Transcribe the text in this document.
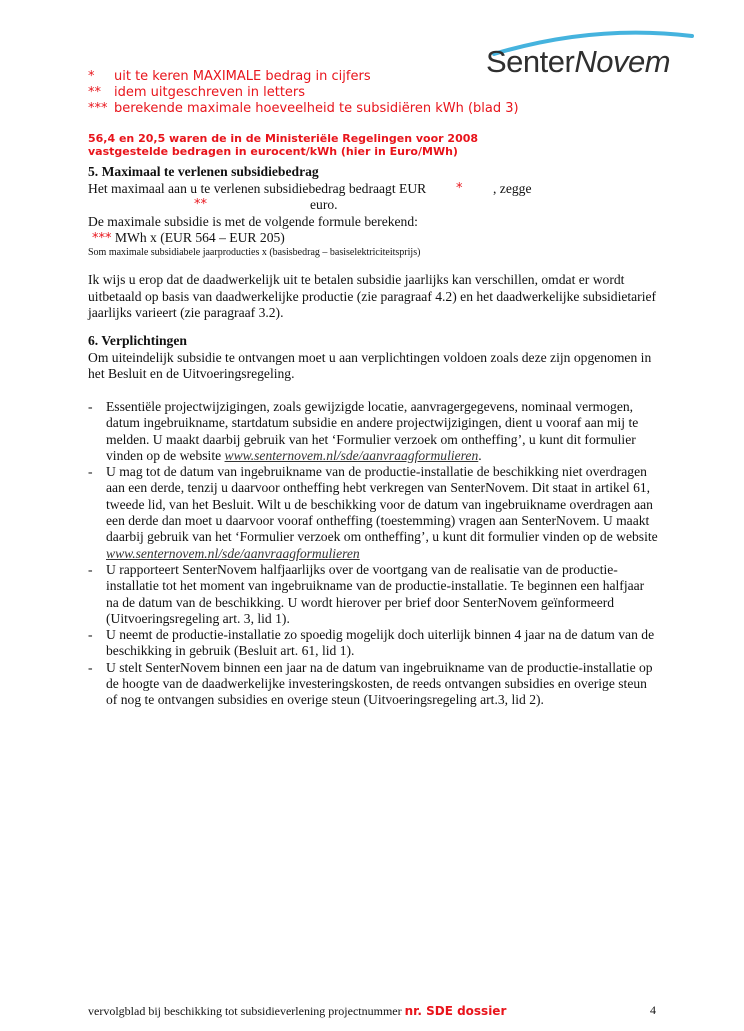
SenterNovem
* uit te keren MAXIMALE bedrag in cijfers
** idem uitgeschreven in letters
*** berekende maximale hoeveelheid te subsidiëren kWh (blad 3)
56,4 en 20,5 waren de in de Ministeriële Regelingen voor 2008
vastgestelde bedragen in eurocent/kWh (hier in Euro/MWh)
5. Maximaal te verlenen subsidiebedrag
Het maximaal aan u te verlenen subsidiebedrag bedraagt EUR * , zegge
**	euro.
De maximale subsidie is met de volgende formule berekend:
*** MWh x (EUR 564 – EUR 205)
Som maximale subsidiabele jaarproducties x (basisbedrag – basiselektriciteitsprijs)
Ik wijs u erop dat de daadwerkelijk uit te betalen subsidie jaarlijks kan verschillen, omdat er wordt uitbetaald op basis van daadwerkelijke productie (zie paragraaf 4.2) en het daadwerkelijke subsidietarief jaarlijks varieert (zie paragraaf 3.2).
6. Verplichtingen
Om uiteindelijk subsidie te ontvangen moet u aan verplichtingen voldoen zoals deze zijn opgenomen in het Besluit en de Uitvoeringsregeling.
- Essentiële projectwijzigingen, zoals gewijzigde locatie, aanvragergegevens, nominaal vermogen, datum ingebruikname, startdatum subsidie en andere projectwijzigingen, dient u vooraf aan mij te melden. U maakt daarbij gebruik van het ‘Formulier verzoek om ontheffing’, u kunt dit formulier vinden op de website www.senternovem.nl/sde/aanvraagformulieren.
- U mag tot de datum van ingebruikname van de productie-installatie de beschikking niet overdragen aan een derde, tenzij u daarvoor ontheffing hebt verkregen van SenterNovem. Dit staat in artikel 61, tweede lid, van het Besluit. Wilt u de beschikking voor de datum van ingebruikname overdragen aan een derde dan moet u daarvoor vooraf ontheffing (toestemming) vragen aan SenterNovem. U maakt daarbij gebruik van het ‘Formulier verzoek om ontheffing’, u kunt dit formulier vinden op de website www.senternovem.nl/sde/aanvraagformulieren
- U rapporteert SenterNovem halfjaarlijks over de voortgang van de realisatie van de productie-installatie tot het moment van ingebruikname van de productie-installatie. Te beginnen een halfjaar na de datum van de beschikking. U wordt hierover per brief door SenterNovem geïnformeerd (Uitvoeringsregeling art. 3, lid 1).
- U neemt de productie-installatie zo spoedig mogelijk doch uiterlijk binnen 4 jaar na de datum van de beschikking in gebruik (Besluit art. 61, lid 1).
- U stelt SenterNovem binnen een jaar na de datum van ingebruikname van de productie-installatie op de hoogte van de daadwerkelijke investeringskosten, de reeds ontvangen subsidies en overige steun of nog te ontvangen subsidies en overige steun (Uitvoeringsregeling art.3, lid 2).
vervolgblad bij beschikking tot subsidieverlening projectnummer nr. SDE dossier	4
